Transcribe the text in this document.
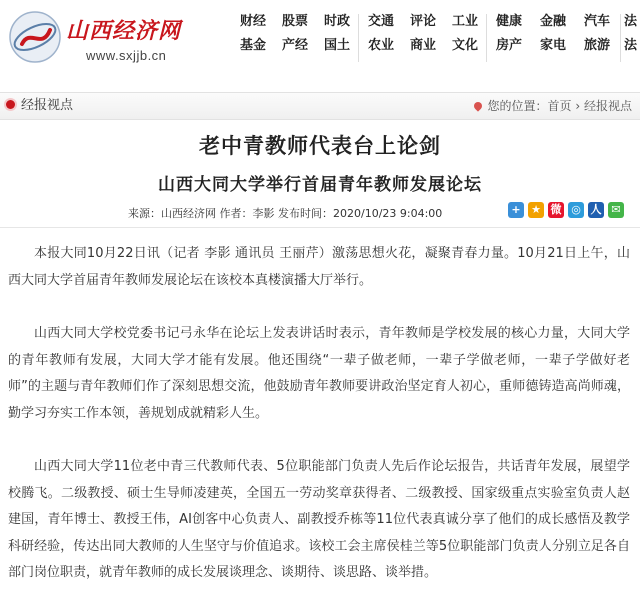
山西经济网
www.sxjjb.cn
财经 股票 时政
基金 产经 国土
交通 评论 工业
农业 商业 文化
健康 金融 汽车
房产 家电 旅游
法
法
经报视点	您的位置：首页 › 经报视点
老中青教师代表台上论剑
山西大同大学举行首届青年教师发展论坛
来源：山西经济网 作者：李影 发布时间：2020/10/23 9:04:00	+ ★ 微 ◎ 人 ✉

本报大同10月22日讯（记者 李影 通讯员 王丽芹）激荡思想火花，凝聚青春力量。10月21日上午，山西大同大学首届青年教师发展论坛在该校本真楼演播大厅举行。

山西大同大学校党委书记弓永华在论坛上发表讲话时表示，青年教师是学校发展的核心力量，大同大学的青年教师有发展，大同大学才能有发展。他还围绕“一辈子做老师，一辈子学做老师，一辈子学做好老师”的主题与青年教师们作了深刻思想交流，他鼓励青年教师要讲政治坚定育人初心，重师德铸造高尚师魂，勤学习夯实工作本领，善规划成就精彩人生。

山西大同大学11位老中青三代教师代表、5位职能部门负责人先后作论坛报告，共话青年发展，展望学校腾飞。二级教授、硕士生导师凌建英，全国五一劳动奖章获得者、二级教授、国家级重点实验室负责人赵建国，青年博士、教授王伟，AI创客中心负责人、副教授乔栋等11位代表真诚分享了他们的成长感悟及教学科研经验，传达出同大教师的人生坚守与价值追求。该校工会主席侯桂兰等5位职能部门负责人分别立足各自部门岗位职责，就青年教师的成长发展谈理念、谈期待、谈思路、谈举措。
